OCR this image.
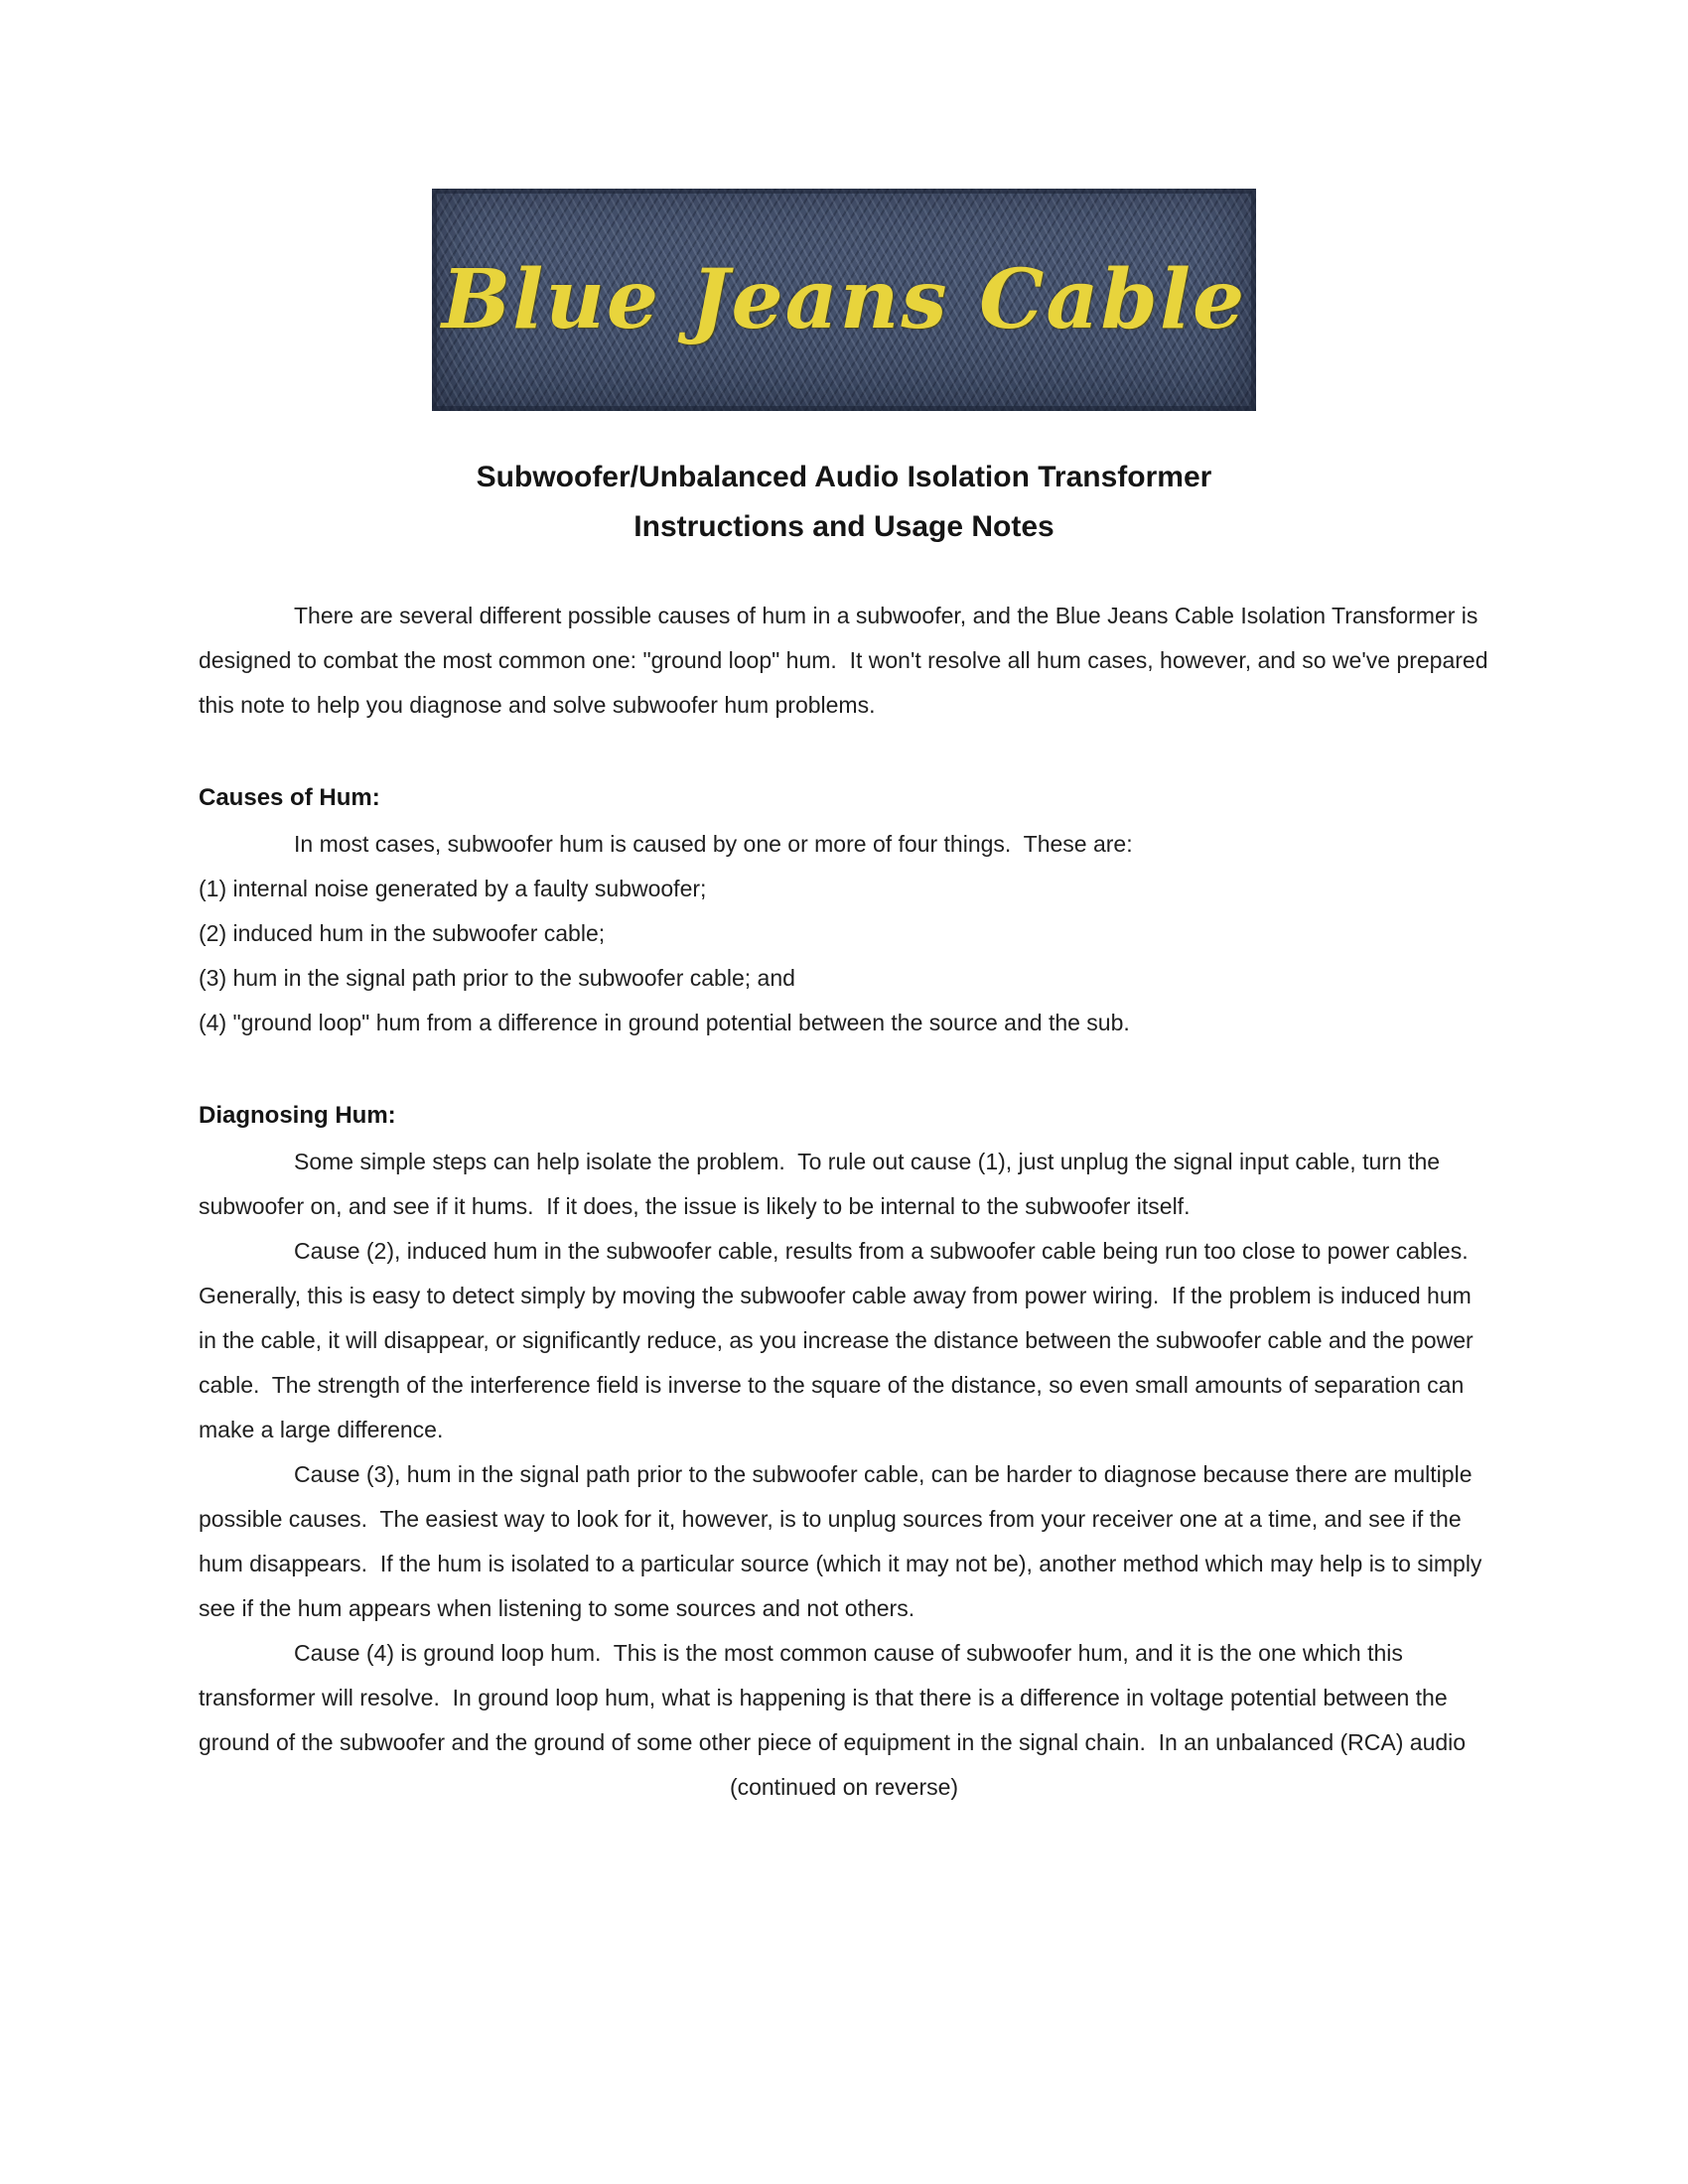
Blue Jeans Cable
Subwoofer/Unbalanced Audio Isolation Transformer
Instructions and Usage Notes

There are several different possible causes of hum in a subwoofer, and the Blue Jeans Cable Isolation Transformer is designed to combat the most common one: "ground loop" hum.  It won't resolve all hum cases, however, and so we've prepared this note to help you diagnose and solve subwoofer hum problems.

Causes of Hum:

In most cases, subwoofer hum is caused by one or more of four things.  These are:

(1) internal noise generated by a faulty subwoofer;

(2) induced hum in the subwoofer cable;

(3) hum in the signal path prior to the subwoofer cable; and

(4) "ground loop" hum from a difference in ground potential between the source and the sub.

Diagnosing Hum:

Some simple steps can help isolate the problem.  To rule out cause (1), just unplug the signal input cable, turn the subwoofer on, and see if it hums.  If it does, the issue is likely to be internal to the subwoofer itself.

Cause (2), induced hum in the subwoofer cable, results from a subwoofer cable being run too close to power cables.  Generally, this is easy to detect simply by moving the subwoofer cable away from power wiring.  If the problem is induced hum in the cable, it will disappear, or significantly reduce, as you increase the distance between the subwoofer cable and the power cable.  The strength of the interference field is inverse to the square of the distance, so even small amounts of separation can make a large difference.

Cause (3), hum in the signal path prior to the subwoofer cable, can be harder to diagnose because there are multiple possible causes.  The easiest way to look for it, however, is to unplug sources from your receiver one at a time, and see if the hum disappears.  If the hum is isolated to a particular source (which it may not be), another method which may help is to simply see if the hum appears when listening to some sources and not others.

Cause (4) is ground loop hum.  This is the most common cause of subwoofer hum, and it is the one which this transformer will resolve.  In ground loop hum, what is happening is that there is a difference in voltage potential between the ground of the subwoofer and the ground of some other piece of equipment in the signal chain.  In an unbalanced (RCA) audio

(continued on reverse)
